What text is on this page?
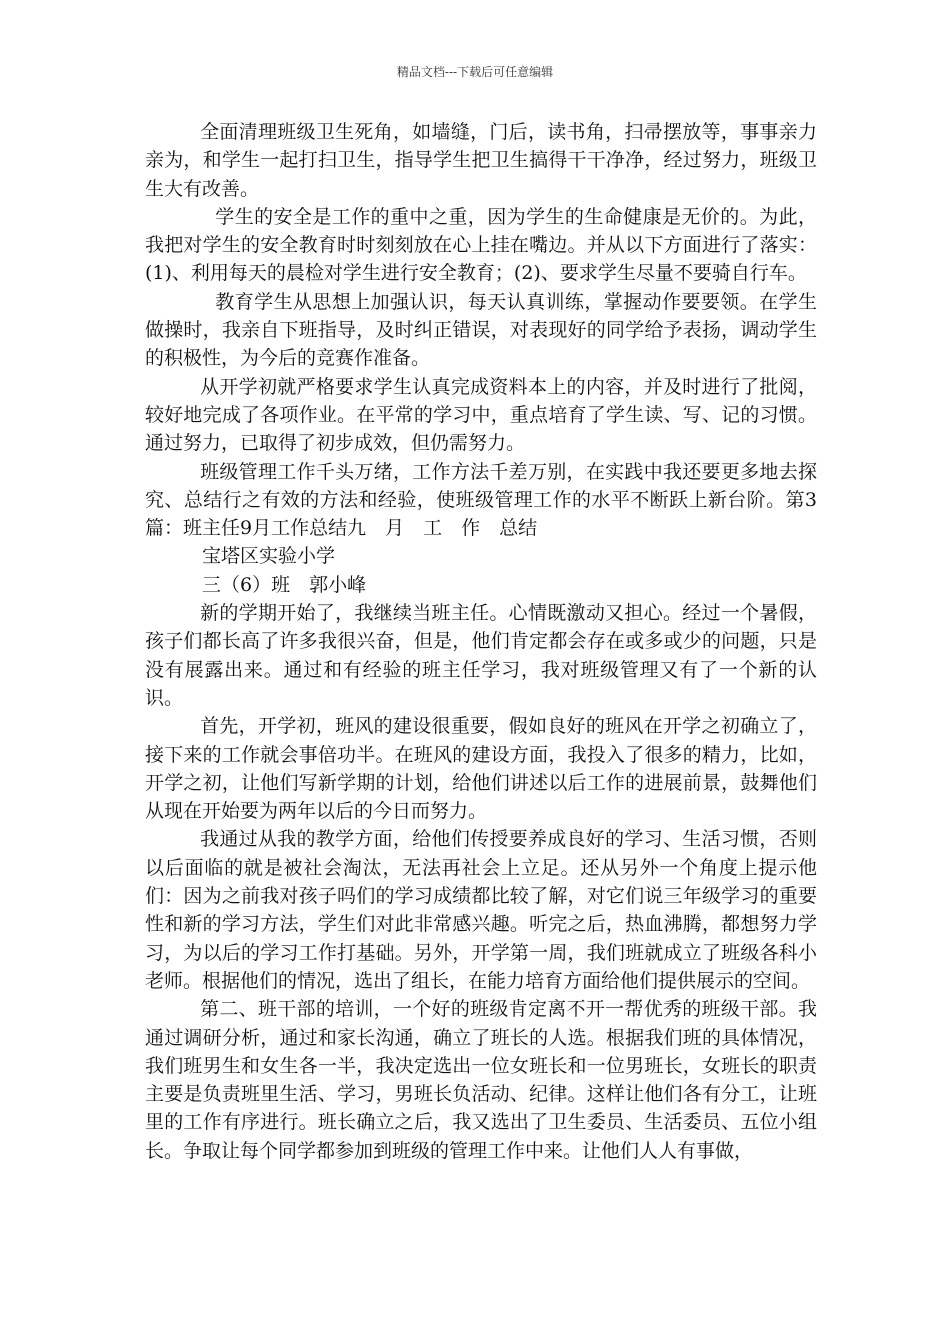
精品文档---下载后可任意编辑

全面清理班级卫生死角，如墙缝，门后，读书角，扫帚摆放等，事事亲力亲为，和学生一起打扫卫生，指导学生把卫生搞得干干净净，经过努力，班级卫生大有改善。

学生的安全是工作的重中之重，因为学生的生命健康是无价的。为此，我把对学生的安全教育时时刻刻放在心上挂在嘴边。并从以下方面进行了落实：(1)、利用每天的晨检对学生进行安全教育；(2)、要求学生尽量不要骑自行车。

教育学生从思想上加强认识，每天认真训练，掌握动作要要领。在学生做操时，我亲自下班指导，及时纠正错误，对表现好的同学给予表扬，调动学生的积极性，为今后的竞赛作准备。

从开学初就严格要求学生认真完成资料本上的内容，并及时进行了批阅，较好地完成了各项作业。在平常的学习中，重点培育了学生读、写、记的习惯。通过努力，已取得了初步成效，但仍需努力。

班级管理工作千头万绪，工作方法千差万别，在实践中我还要更多地去探究、总结行之有效的方法和经验，使班级管理工作的水平不断跃上新台阶。第3篇：班主任9月工作总结九　月　工　作　总结

宝塔区实验小学

三（6）班　郭小峰

新的学期开始了，我继续当班主任。心情既激动又担心。经过一个暑假，孩子们都长高了许多我很兴奋，但是，他们肯定都会存在或多或少的问题，只是没有展露出来。通过和有经验的班主任学习，我对班级管理又有了一个新的认识。

首先，开学初，班风的建设很重要，假如良好的班风在开学之初确立了，接下来的工作就会事倍功半。在班风的建设方面，我投入了很多的精力，比如，开学之初，让他们写新学期的计划，给他们讲述以后工作的进展前景，鼓舞他们从现在开始要为两年以后的今日而努力。

我通过从我的教学方面，给他们传授要养成良好的学习、生活习惯，否则以后面临的就是被社会淘汰，无法再社会上立足。还从另外一个角度上提示他们：因为之前我对孩子吗们的学习成绩都比较了解，对它们说三年级学习的重要性和新的学习方法，学生们对此非常感兴趣。听完之后，热血沸腾，都想努力学习，为以后的学习工作打基础。另外，开学第一周，我们班就成立了班级各科小老师。根据他们的情况，选出了组长，在能力培育方面给他们提供展示的空间。

第二、班干部的培训，一个好的班级肯定离不开一帮优秀的班级干部。我通过调研分析，通过和家长沟通，确立了班长的人选。根据我们班的具体情况，我们班男生和女生各一半，我决定选出一位女班长和一位男班长，女班长的职责主要是负责班里生活、学习，男班长负活动、纪律。这样让他们各有分工，让班里的工作有序进行。班长确立之后，我又选出了卫生委员、生活委员、五位小组长。争取让每个同学都参加到班级的管理工作中来。让他们人人有事做，
